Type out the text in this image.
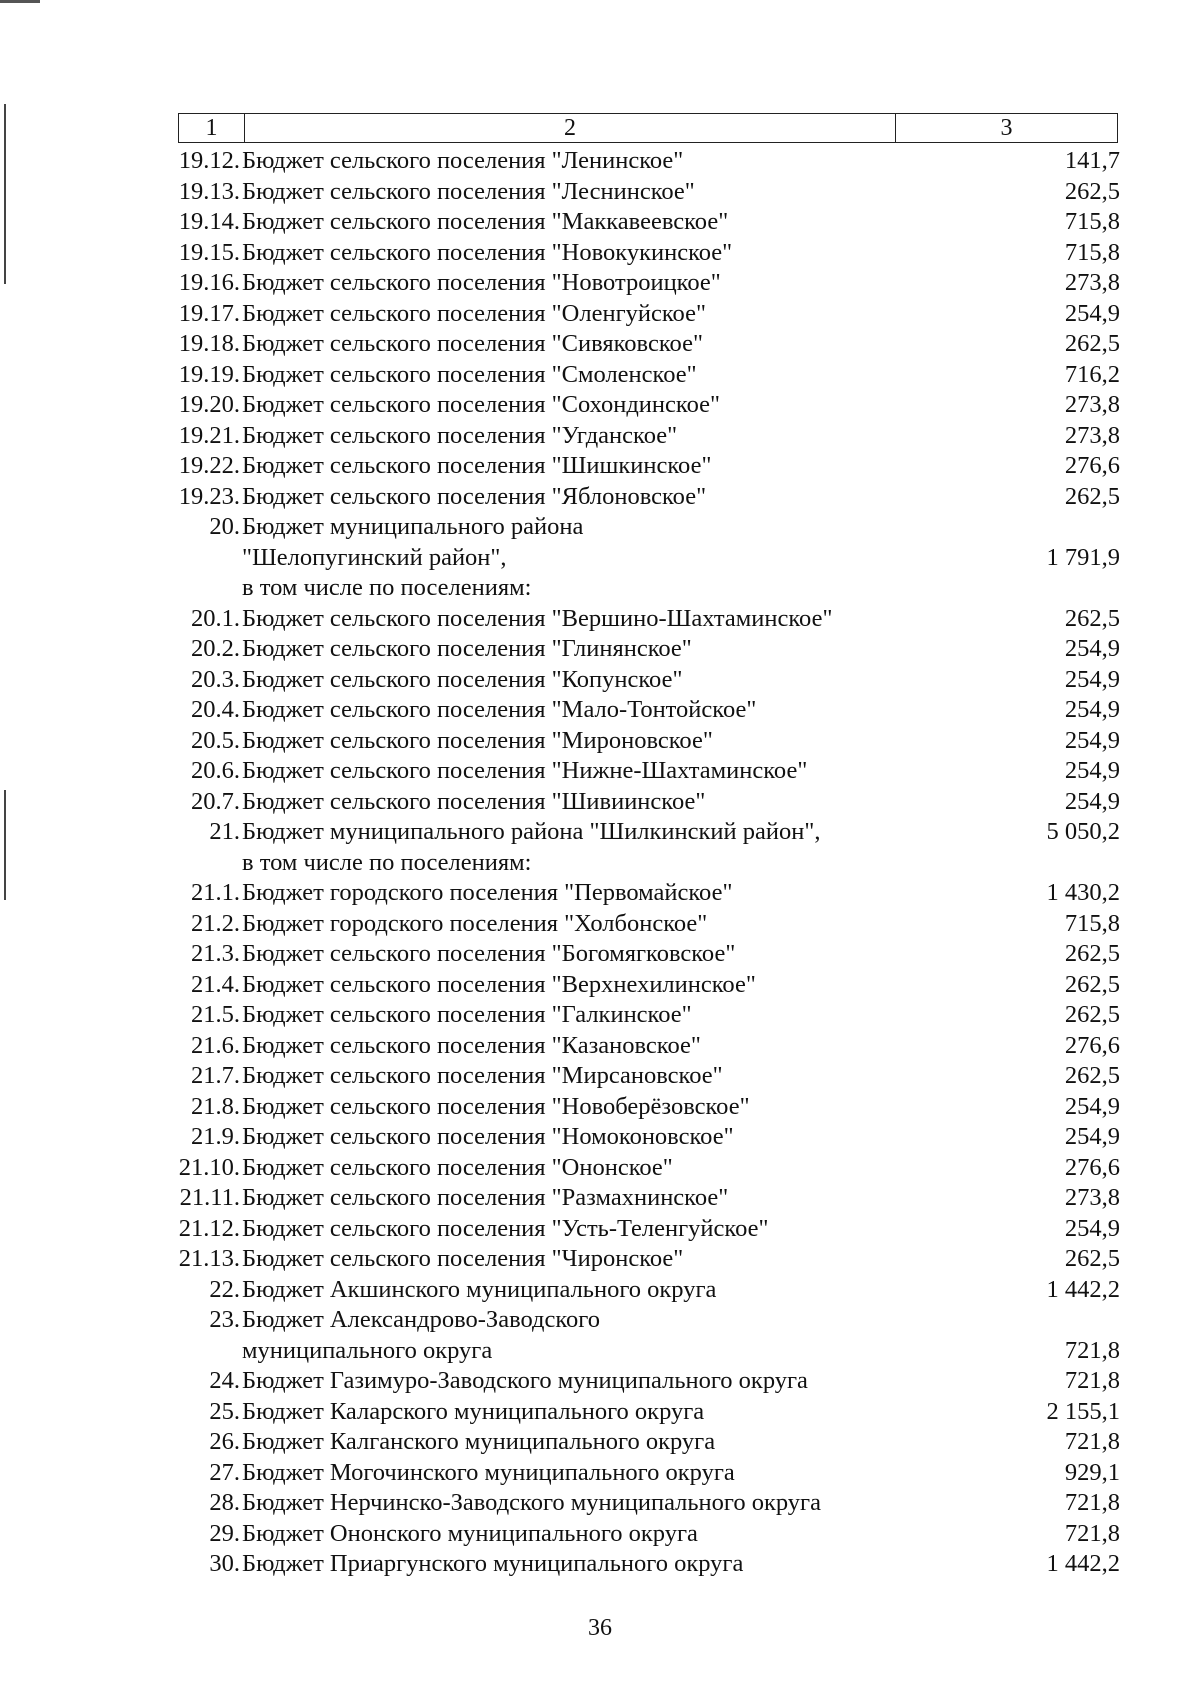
1	2	3
19.12. Бюджет сельского поселения "Ленинское"	141,7
19.13. Бюджет сельского поселения "Леснинское"	262,5
19.14. Бюджет сельского поселения "Маккавеевское"	715,8
19.15. Бюджет сельского поселения "Новокукинское"	715,8
19.16. Бюджет сельского поселения "Новотроицкое"	273,8
19.17. Бюджет сельского поселения "Оленгуйское"	254,9
19.18. Бюджет сельского поселения "Сивяковское"	262,5
19.19. Бюджет сельского поселения "Смоленское"	716,2
19.20. Бюджет сельского поселения "Сохондинское"	273,8
19.21. Бюджет сельского поселения "Угданское"	273,8
19.22. Бюджет сельского поселения "Шишкинское"	276,6
19.23. Бюджет сельского поселения "Яблоновское"	262,5
20. Бюджет муниципального района
"Шелопугинский район",	1 791,9
в том числе по поселениям:
20.1. Бюджет сельского поселения "Вершино-Шахтаминское"	262,5
20.2. Бюджет сельского поселения "Глинянское"	254,9
20.3. Бюджет сельского поселения "Копунское"	254,9
20.4. Бюджет сельского поселения "Мало-Тонтойское"	254,9
20.5. Бюджет сельского поселения "Мироновское"	254,9
20.6. Бюджет сельского поселения "Нижне-Шахтаминское"	254,9
20.7. Бюджет сельского поселения "Шивиинское"	254,9
21. Бюджет муниципального района "Шилкинский район",	5 050,2
в том числе по поселениям:
21.1. Бюджет городского поселения "Первомайское"	1 430,2
21.2. Бюджет городского поселения "Холбонское"	715,8
21.3. Бюджет сельского поселения "Богомягковское"	262,5
21.4. Бюджет сельского поселения "Верхнехилинское"	262,5
21.5. Бюджет сельского поселения "Галкинское"	262,5
21.6. Бюджет сельского поселения "Казановское"	276,6
21.7. Бюджет сельского поселения "Мирсановское"	262,5
21.8. Бюджет сельского поселения "Новоберёзовское"	254,9
21.9. Бюджет сельского поселения "Номоконовское"	254,9
21.10. Бюджет сельского поселения "Ононское"	276,6
21.11. Бюджет сельского поселения "Размахнинское"	273,8
21.12. Бюджет сельского поселения "Усть-Теленгуйское"	254,9
21.13. Бюджет сельского поселения "Чиронское"	262,5
22. Бюджет Акшинского муниципального округа	1 442,2
23. Бюджет Александрово-Заводского
муниципального округа	721,8
24. Бюджет Газимуро-Заводского муниципального округа	721,8
25. Бюджет Каларского муниципального округа	2 155,1
26. Бюджет Калганского муниципального округа	721,8
27. Бюджет Могочинского муниципального округа	929,1
28. Бюджет Нерчинско-Заводского муниципального округа	721,8
29. Бюджет Ононского муниципального округа	721,8
30. Бюджет Приаргунского муниципального округа	1 442,2
36
